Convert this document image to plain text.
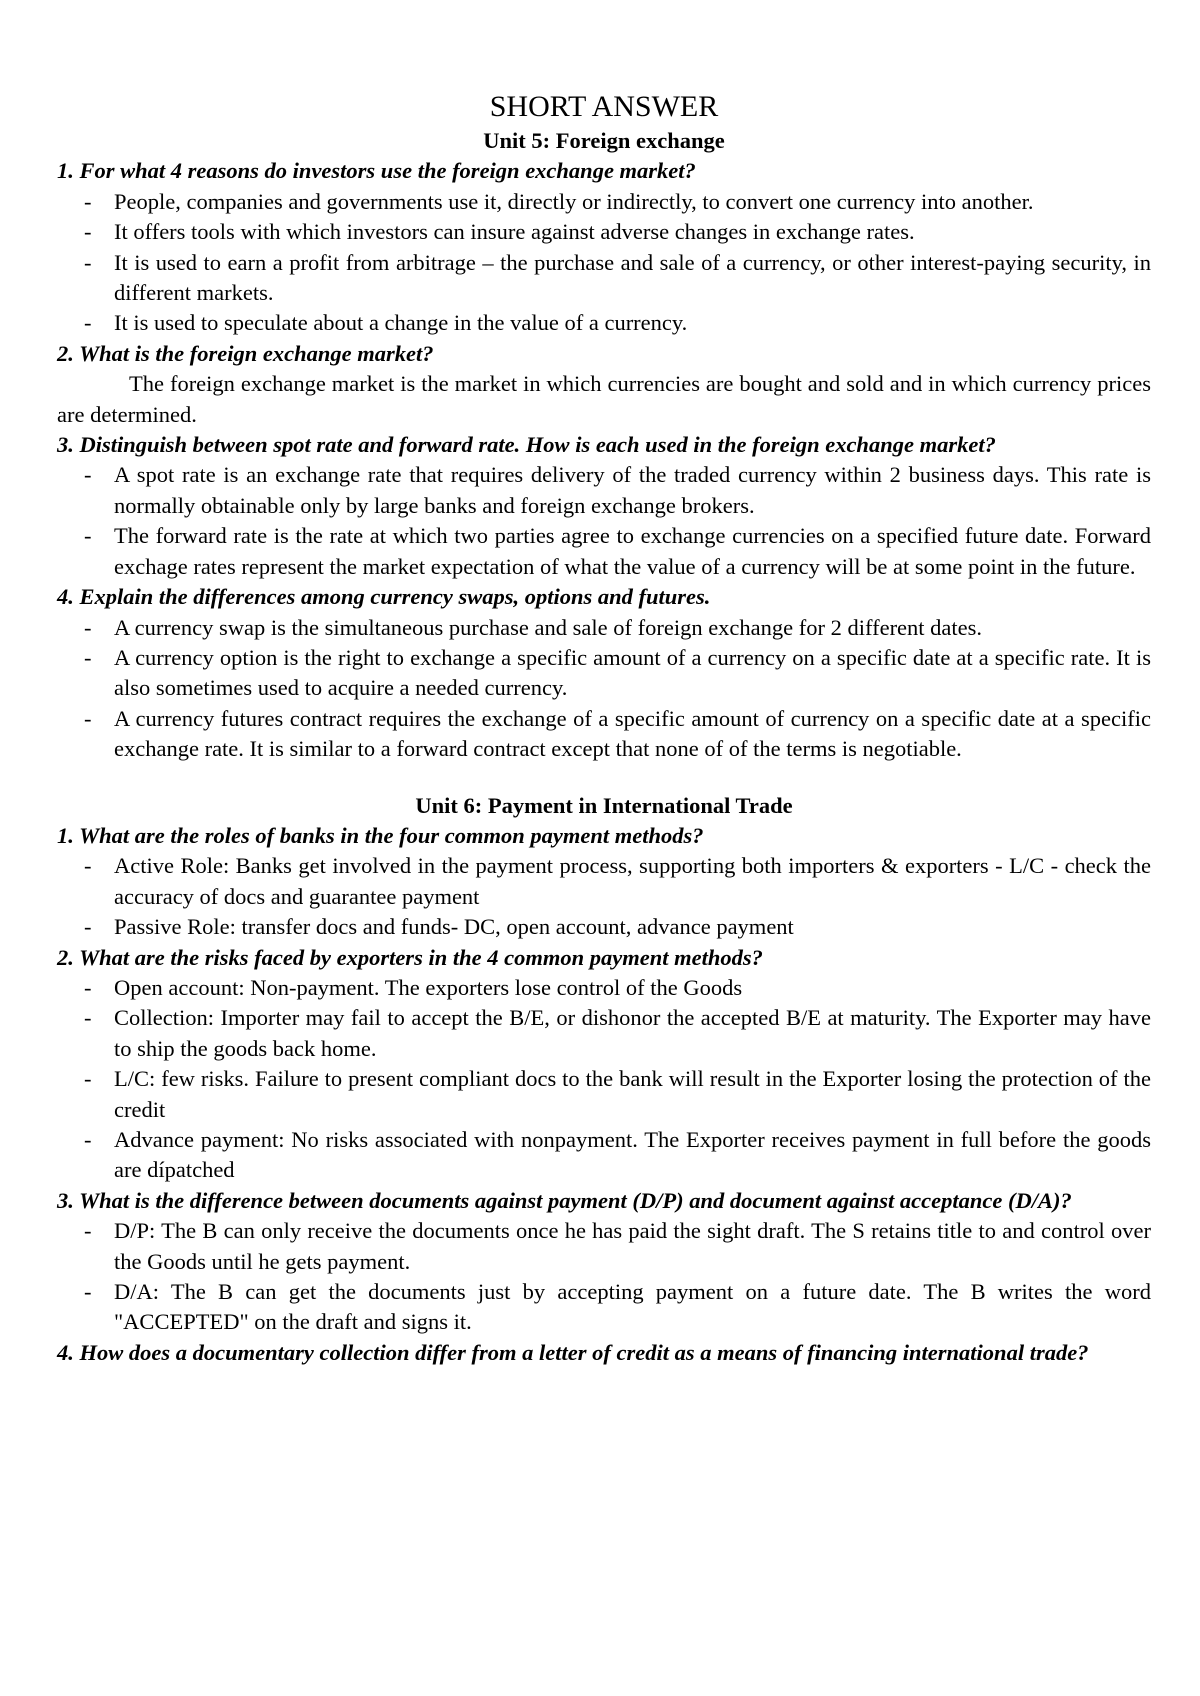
SHORT ANSWER
Unit 5: Foreign exchange
1. For what 4 reasons do investors use the foreign exchange market?
- People, companies and governments use it, directly or indirectly, to convert one currency into another.
- It offers tools with which investors can insure against adverse changes in exchange rates.
- It is used to earn a profit from arbitrage – the purchase and sale of a currency, or other interest-paying security, in different markets.
- It is used to speculate about a change in the value of a currency.
2. What is the foreign exchange market?
The foreign exchange market is the market in which currencies are bought and sold and in which currency prices are determined.
3. Distinguish between spot rate and forward rate. How is each used in the foreign exchange market?
- A spot rate is an exchange rate that requires delivery of the traded currency within 2 business days. This rate is normally obtainable only by large banks and foreign exchange brokers.
- The forward rate is the rate at which two parties agree to exchange currencies on a specified future date. Forward exchage rates represent the market expectation of what the value of a currency will be at some point in the future.
4. Explain the differences among currency swaps, options and futures.
- A currency swap is the simultaneous purchase and sale of foreign exchange for 2 different dates.
- A currency option is the right to exchange a specific amount of a currency on a specific date at a specific rate. It is also sometimes used to acquire a needed currency.
- A currency futures contract requires the exchange of a specific amount of currency on a specific date at a specific exchange rate. It is similar to a forward contract except that none of of the terms is negotiable.
Unit 6: Payment in International Trade
1. What are the roles of banks in the four common payment methods?
- Active Role: Banks get involved in the payment process, supporting both importers & exporters - L/C - check the accuracy of docs and guarantee payment
- Passive Role: transfer docs and funds- DC, open account, advance payment
2. What are the risks faced by exporters in the 4 common payment methods?
- Open account: Non-payment. The exporters lose control of the Goods
- Collection: Importer may fail to accept the B/E, or dishonor the accepted B/E at maturity. The Exporter may have to ship the goods back home.
- L/C: few risks. Failure to present compliant docs to the bank will result in the Exporter losing the protection of the credit
- Advance payment: No risks associated with nonpayment. The Exporter receives payment in full before the goods are dípatched
3. What is the difference between documents against payment (D/P) and document against acceptance (D/A)?
- D/P: The B can only receive the documents once he has paid the sight draft. The S retains title to and control over the Goods until he gets payment.
- D/A: The B can get the documents just by accepting payment on a future date. The B writes the word "ACCEPTED" on the draft and signs it.
4. How does a documentary collection differ from a letter of credit as a means of financing international trade?
